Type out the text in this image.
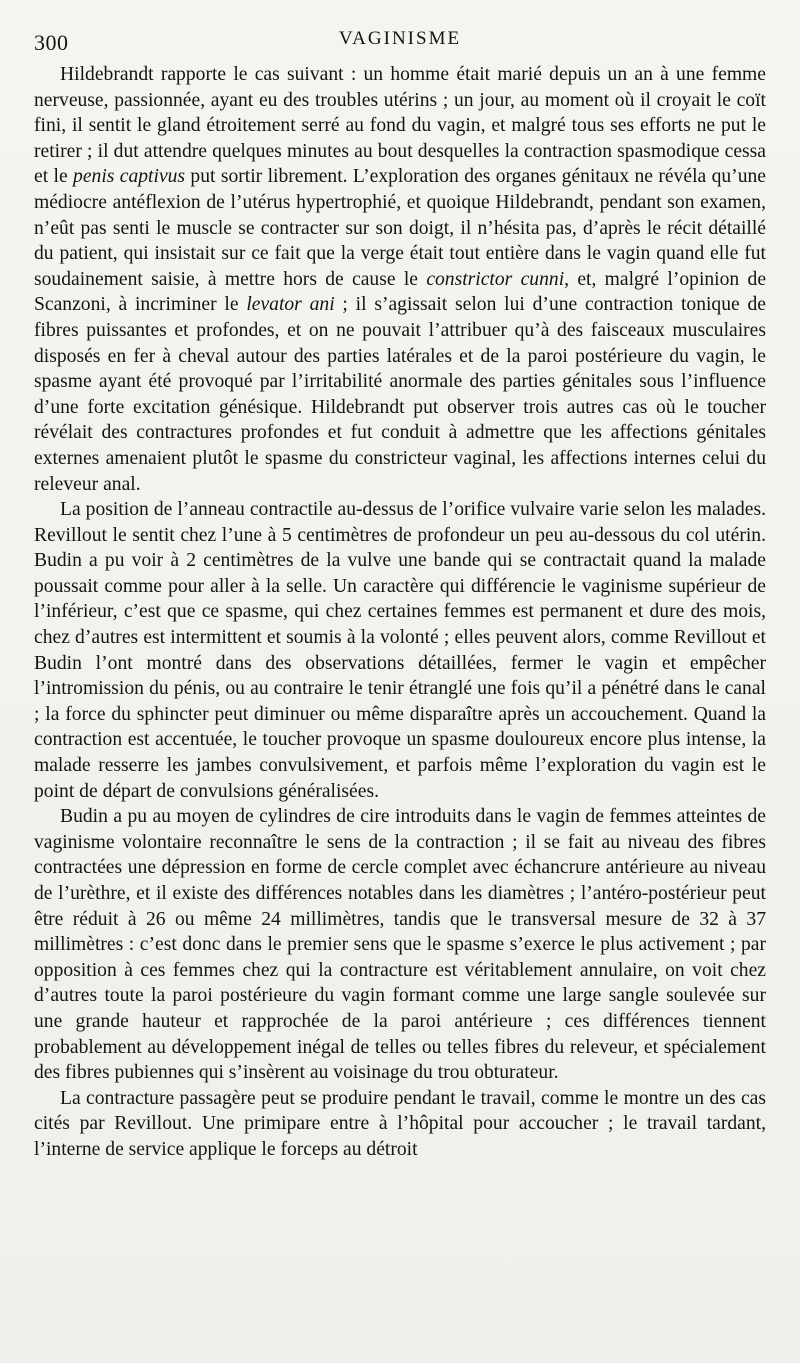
300	VAGINISME

Hildebrandt rapporte le cas suivant : un homme était marié depuis un an à une femme nerveuse, passionnée, ayant eu des troubles utérins ; un jour, au moment où il croyait le coït fini, il sentit le gland étroitement serré au fond du vagin, et malgré tous ses efforts ne put le retirer ; il dut attendre quelques minutes au bout desquelles la contraction spasmodique cessa et le penis captivus put sortir librement. L’exploration des organes génitaux ne révéla qu’une médiocre antéflexion de l’utérus hypertrophié, et quoique Hildebrandt, pendant son examen, n’eût pas senti le muscle se contracter sur son doigt, il n’hésita pas, d’après le récit détaillé du patient, qui insistait sur ce fait que la verge était tout entière dans le vagin quand elle fut soudainement saisie, à mettre hors de cause le constrictor cunni, et, malgré l’opinion de Scanzoni, à incriminer le levator ani ; il s’agissait selon lui d’une contraction tonique de fibres puissantes et profondes, et on ne pouvait l’attribuer qu’à des faisceaux musculaires disposés en fer à cheval autour des parties latérales et de la paroi postérieure du vagin, le spasme ayant été provoqué par l’irritabilité anormale des parties génitales sous l’influence d’une forte excitation génésique. Hildebrandt put observer trois autres cas où le toucher révélait des contractures profondes et fut conduit à admettre que les affections génitales externes amenaient plutôt le spasme du constricteur vaginal, les affections internes celui du releveur anal.

La position de l’anneau contractile au-dessus de l’orifice vulvaire varie selon les malades. Revillout le sentit chez l’une à 5 centimètres de profondeur un peu au-dessous du col utérin. Budin a pu voir à 2 centimètres de la vulve une bande qui se contractait quand la malade poussait comme pour aller à la selle. Un caractère qui différencie le vaginisme supérieur de l’inférieur, c’est que ce spasme, qui chez certaines femmes est permanent et dure des mois, chez d’autres est intermittent et soumis à la volonté ; elles peuvent alors, comme Revillout et Budin l’ont montré dans des observations détaillées, fermer le vagin et empêcher l’intromission du pénis, ou au contraire le tenir étranglé une fois qu’il a pénétré dans le canal ; la force du sphincter peut diminuer ou même disparaître après un accouchement. Quand la contraction est accentuée, le toucher provoque un spasme douloureux encore plus intense, la malade resserre les jambes convulsivement, et parfois même l’exploration du vagin est le point de départ de convulsions généralisées.

Budin a pu au moyen de cylindres de cire introduits dans le vagin de femmes atteintes de vaginisme volontaire reconnaître le sens de la contraction ; il se fait au niveau des fibres contractées une dépression en forme de cercle complet avec échancrure antérieure au niveau de l’urèthre, et il existe des différences notables dans les diamètres ; l’antéro-postérieur peut être réduit à 26 ou même 24 millimètres, tandis que le transversal mesure de 32 à 37 millimètres : c’est donc dans le premier sens que le spasme s’exerce le plus activement ; par opposition à ces femmes chez qui la contracture est véritablement annulaire, on voit chez d’autres toute la paroi postérieure du vagin formant comme une large sangle soulevée sur une grande hauteur et rapprochée de la paroi antérieure ; ces différences tiennent probablement au développement inégal de telles ou telles fibres du releveur, et spécialement des fibres pubiennes qui s’insèrent au voisinage du trou obturateur.

La contracture passagère peut se produire pendant le travail, comme le montre un des cas cités par Revillout. Une primipare entre à l’hôpital pour accoucher ; le travail tardant, l’interne de service applique le forceps au détroit
